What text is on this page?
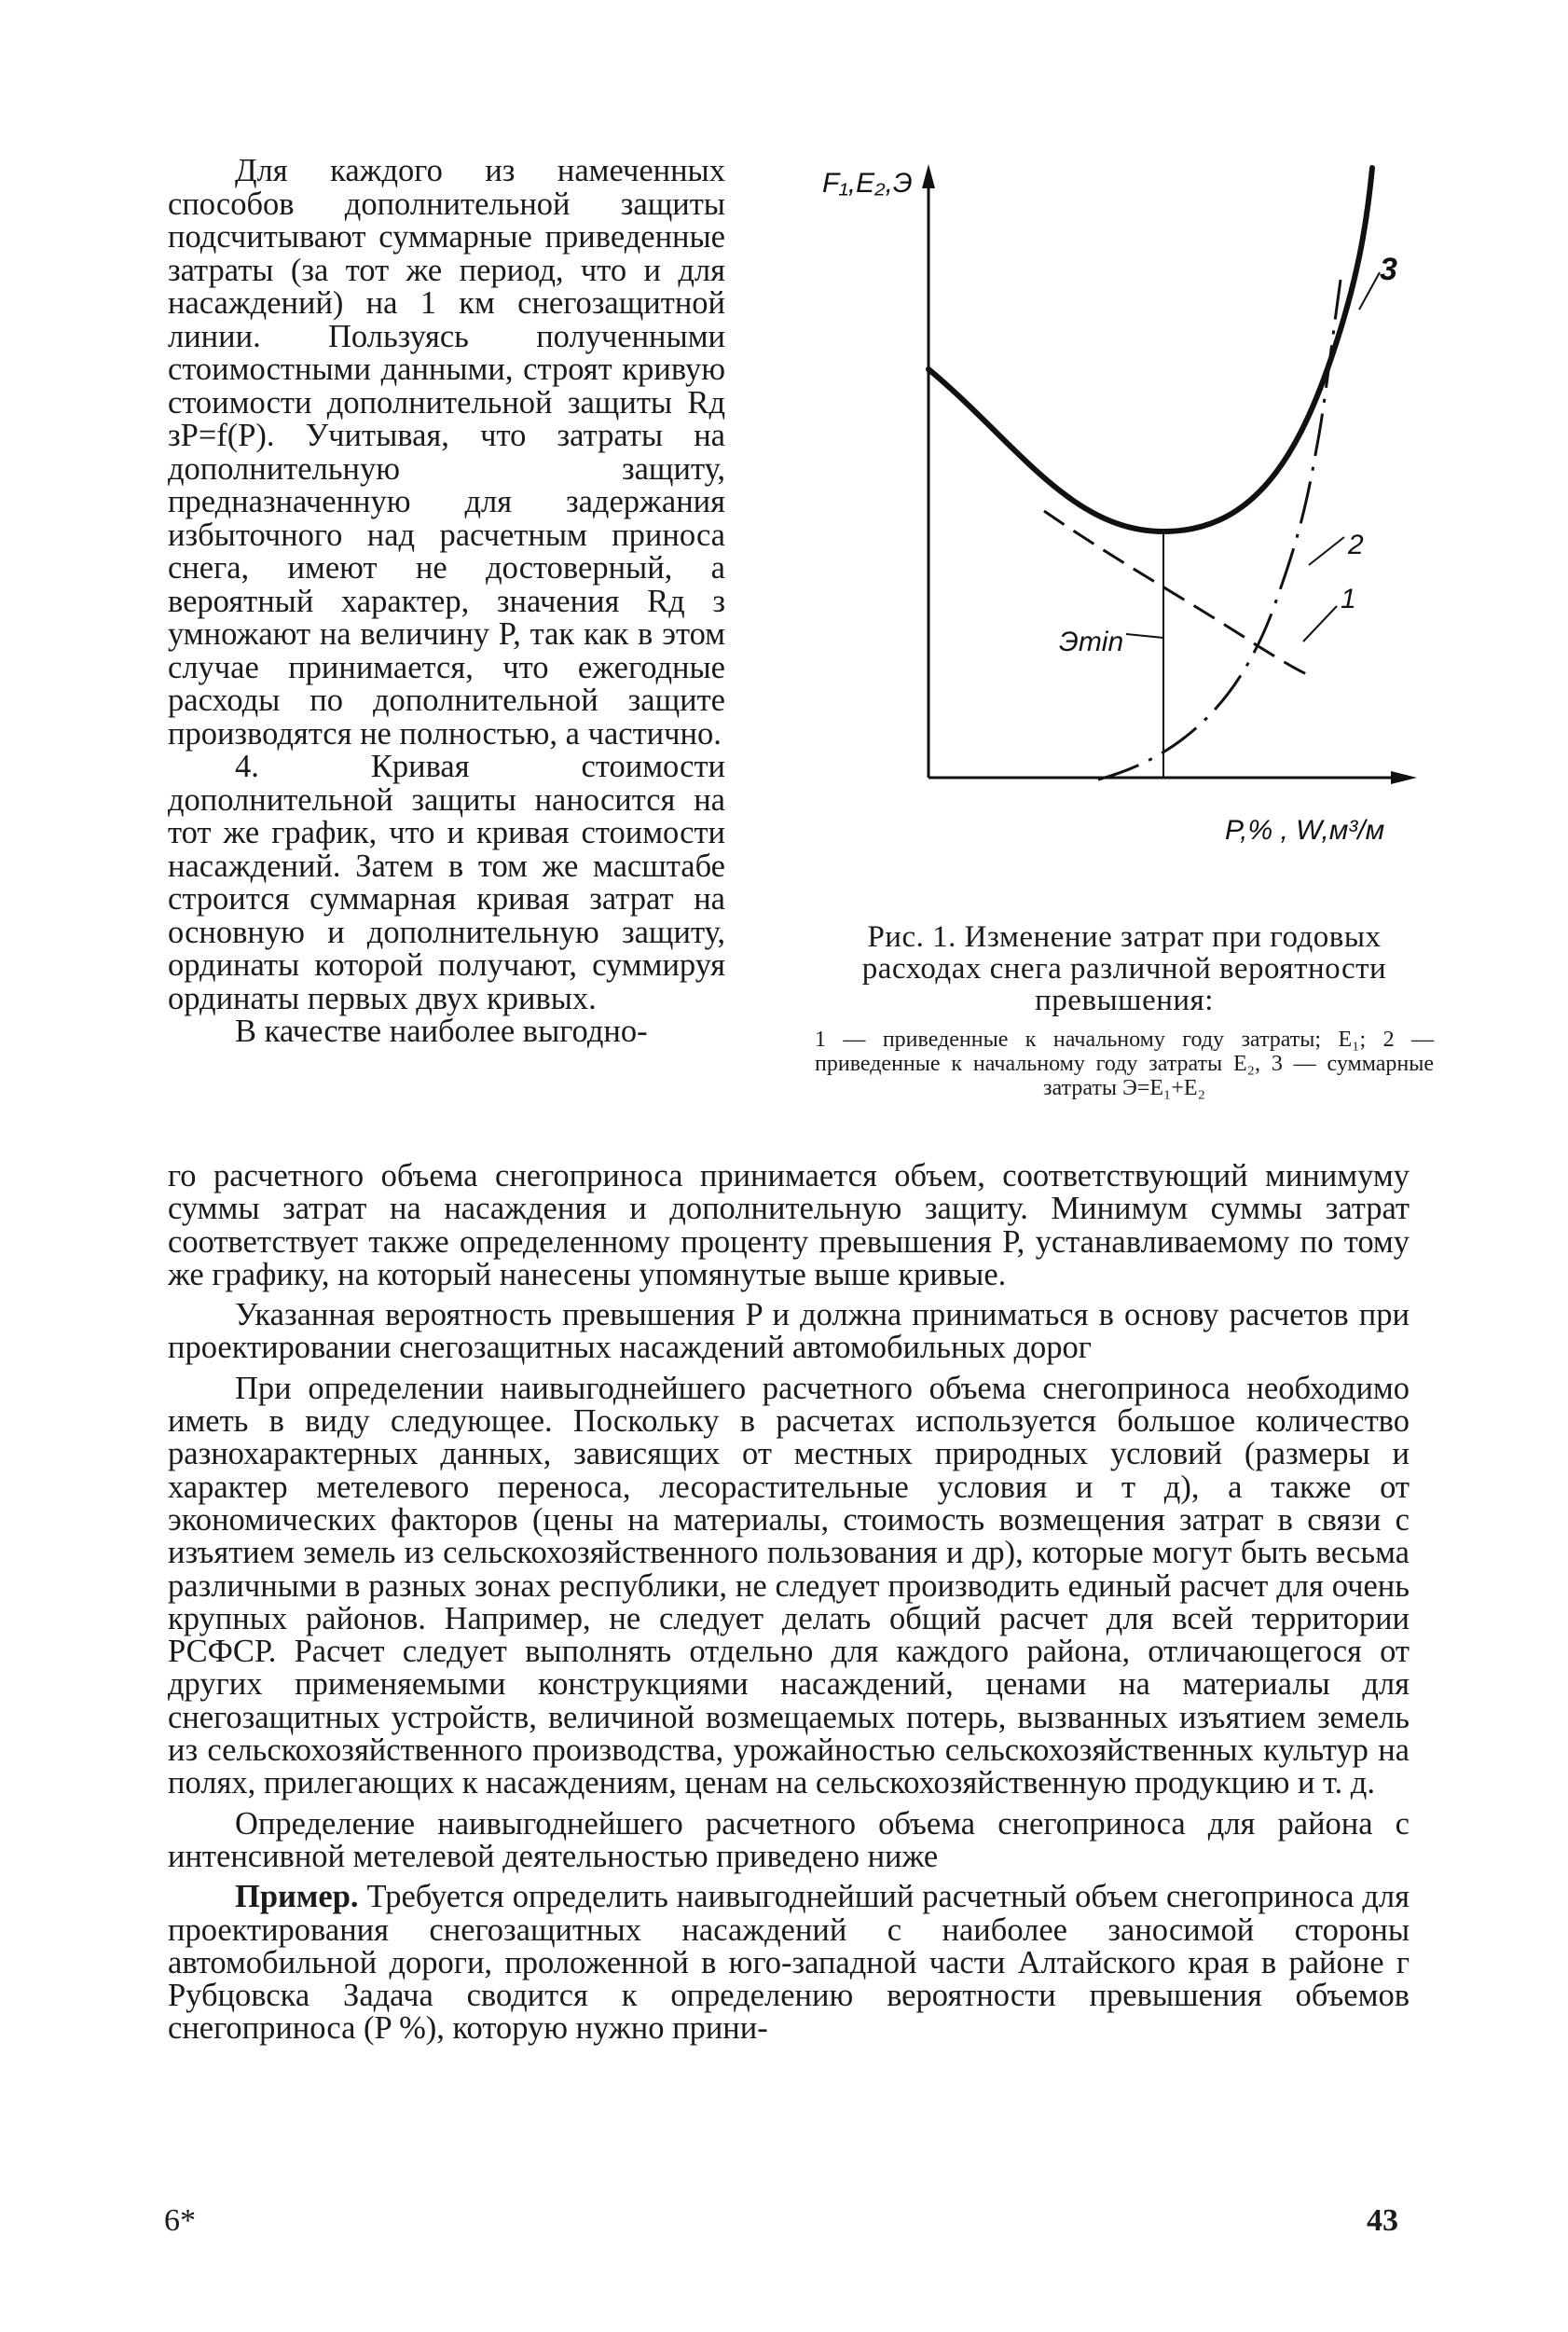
Для каждого из намеченных способов дополнительной защиты подсчитывают суммарные приведенные затраты (за тот же период, что и для насаждений) на 1 км снегозащитной линии. Пользуясь полученными стоимостными данными, строят кривую стоимости дополнительной защиты Rд зP=f(P). Учитывая, что затраты на дополнительную защиту, предназначенную для задержания избыточного над расчетным приноса снега, имеют не достоверный, а вероятный характер, значения Rд з умножают на величину P, так как в этом случае принимается, что ежегодные расходы по дополнительной защите производятся не полностью, а частично.

4. Кривая стоимости дополнительной защиты наносится на тот же график, что и кривая стоимости насаждений. Затем в том же масштабе строится суммарная кривая затрат на основную и дополнительную защиту, ординаты которой получают, суммируя ординаты первых двух кривых.

В качестве наиболее выгодно-

F₁,E₂,Э
P,% , W,м³/м
Эmin
3
2
1
Рис. 1. Изменение затрат при годовых расходах снега различной вероятности превышения:
1 — приведенные к начальному году затраты; E₁; 2 — приведенные к начальному году затраты E₂, 3 — суммарные затраты Э=E₁+E₂

го расчетного объема снегоприноса принимается объем, соответствующий минимуму суммы затрат на насаждения и дополнительную защиту. Минимум суммы затрат соответствует также определенному проценту превышения P, устанавливаемому по тому же графику, на который нанесены упомянутые выше кривые.

Указанная вероятность превышения P и должна приниматься в основу расчетов при проектировании снегозащитных насаждений автомобильных дорог

При определении наивыгоднейшего расчетного объема снегоприноса необходимо иметь в виду следующее. Поскольку в расчетах используется большое количество разнохарактерных данных, зависящих от местных природных условий (размеры и характер метелевого переноса, лесорастительные условия и т д), а также от экономических факторов (цены на материалы, стоимость возмещения затрат в связи с изъятием земель из сельскохозяйственного пользования и др), которые могут быть весьма различными в разных зонах республики, не следует производить единый расчет для очень крупных районов. Например, не следует делать общий расчет для всей территории РСФСР. Расчет следует выполнять отдельно для каждого района, отличающегося от других применяемыми конструкциями насаждений, ценами на материалы для снегозащитных устройств, величиной возмещаемых потерь, вызванных изъятием земель из сельскохозяйственного производства, урожайностью сельскохозяйственных культур на полях, прилегающих к насаждениям, ценам на сельскохозяйственную продукцию и т. д.

Определение наивыгоднейшего расчетного объема снегоприноса для района с интенсивной метелевой деятельностью приведено ниже

Пример. Требуется определить наивыгоднейший расчетный объем снегоприноса для проектирования снегозащитных насаждений с наиболее заносимой стороны автомобильной дороги, проложенной в юго-западной части Алтайского края в районе г Рубцовска Задача сводится к определению вероятности превышения объемов снегоприноса (P %), которую нужно прини-

6*	43
